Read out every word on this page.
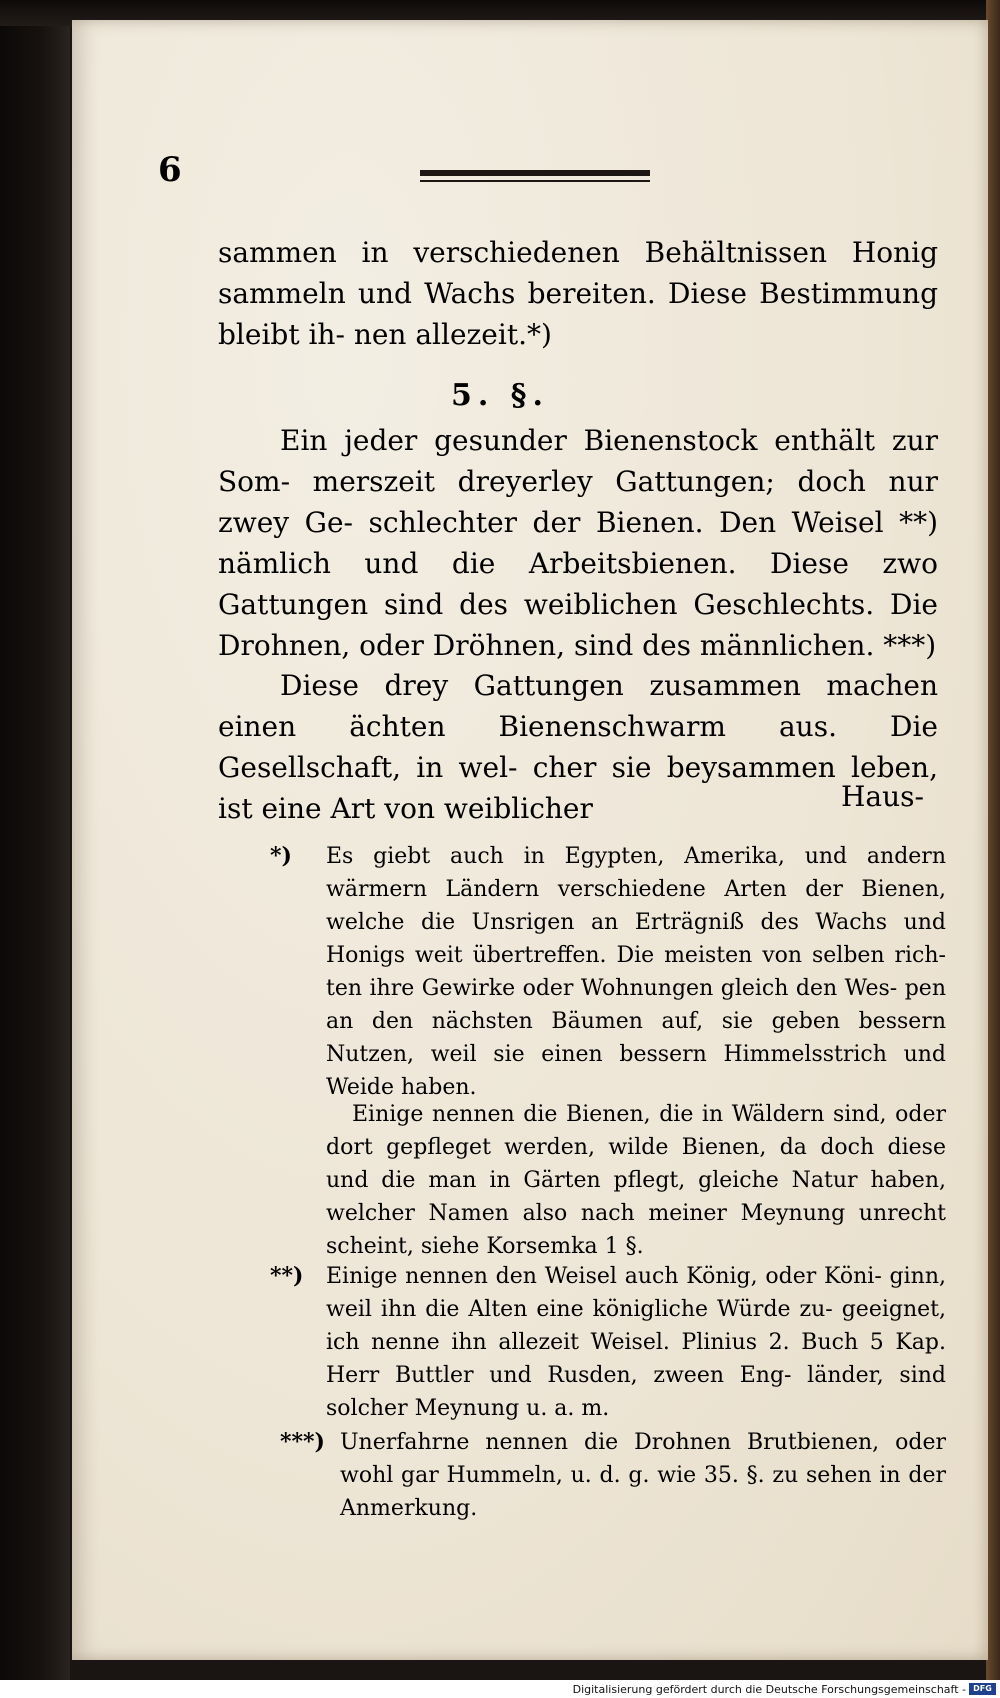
6

sammen in verschiedenen Behältnissen Honig sammeln und Wachs bereiten. Diese Bestimmung bleibt ih- nen allezeit.*)

5. §.

Ein jeder gesunder Bienenstock enthält zur Som- merszeit dreyerley Gattungen; doch nur zwey Ge- schlechter der Bienen. Den Weisel **) nämlich und die Arbeitsbienen. Diese zwo Gattungen sind des weiblichen Geschlechts. Die Drohnen, oder Dröhnen, sind des männlichen. ***)

Diese drey Gattungen zusammen machen einen ächten Bienenschwarm aus. Die Gesellschaft, in wel- cher sie beysammen leben, ist eine Art von weiblicher	Haus-
*) Es giebt auch in Egypten, Amerika, und andern wärmern Ländern verschiedene Arten der Bienen, welche die Unsrigen an Erträgniß des Wachs und Honigs weit übertreffen. Die meisten von selben rich- ten ihre Gewirke oder Wohnungen gleich den Wes- pen an den nächsten Bäumen auf, sie geben bessern Nutzen, weil sie einen bessern Himmelsstrich und Weide haben.

Einige nennen die Bienen, die in Wäldern sind, oder dort gepfleget werden, wilde Bienen, da doch diese und die man in Gärten pflegt, gleiche Natur haben, welcher Namen also nach meiner Meynung unrecht scheint, siehe Korsemka 1 §.

**) Einige nennen den Weisel auch König, oder Köni- ginn, weil ihn die Alten eine königliche Würde zu- geeignet, ich nenne ihn allezeit Weisel. Plinius 2. Buch 5 Kap. Herr Buttler und Rusden, zween Eng- länder, sind solcher Meynung u. a. m.

***) Unerfahrne nennen die Drohnen Brutbienen, oder wohl gar Hummeln, u. d. g. wie 35. §. zu sehen in der Anmerkung.

Digitalisierung gefördert durch die Deutsche Forschungsgemeinschaft - DFG
